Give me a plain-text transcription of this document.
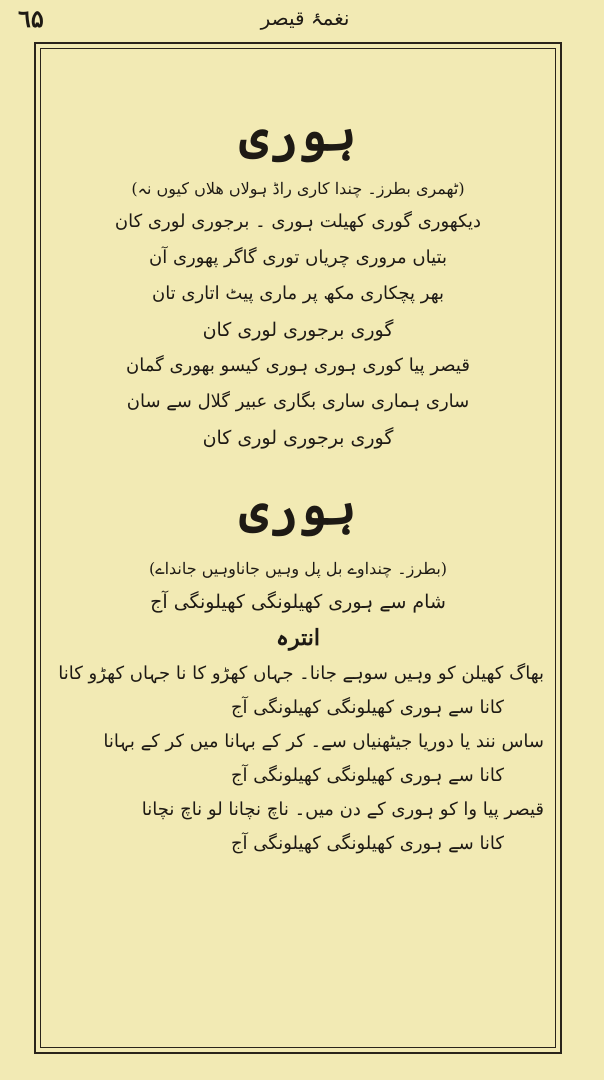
٦۵	نغمۂ قیصر
ہوری
(ٹھمری بطرز۔ چندا کاری راڈ ہولاں ھلاں کیوں نہ)
دیکھوری گوری کھیلت ہوری ۔ برجوری لوری کان
بتیاں مروری چریاں توری گاگر پھوری آن
بھر پچکاری مکھ پر ماری پیٹ اتاری تان
گوری برجوری لوری کان
قیصر پیا کوری ہوری ہوری کیسو بھوری گمان
ساری ہماری ساری بگاری عبیر گلال سے سان
گوری برجوری لوری کان
ہوری
(بطرز۔ چنداوے بل پل وہیں جاناوہیں جانداے)
شام سے ہوری کھیلونگی کھیلونگی آج
انترہ
بھاگ کھیلن کو وہیں سوہے جانا۔ جہاں کھڑو کا نا جہاں کھڑو کانا
کانا سے ہوری کھیلونگی کھیلونگی آج
ساس نند یا دوریا جیٹھنیاں سے۔ کر کے بہانا میں کر کے بہانا
کانا سے ہوری کھیلونگی کھیلونگی آج
قیصر پیا وا کو ہوری کے دن میں۔ ناچ نچانا لو ناچ نچانا
کانا سے ہوری کھیلونگی کھیلونگی آج
